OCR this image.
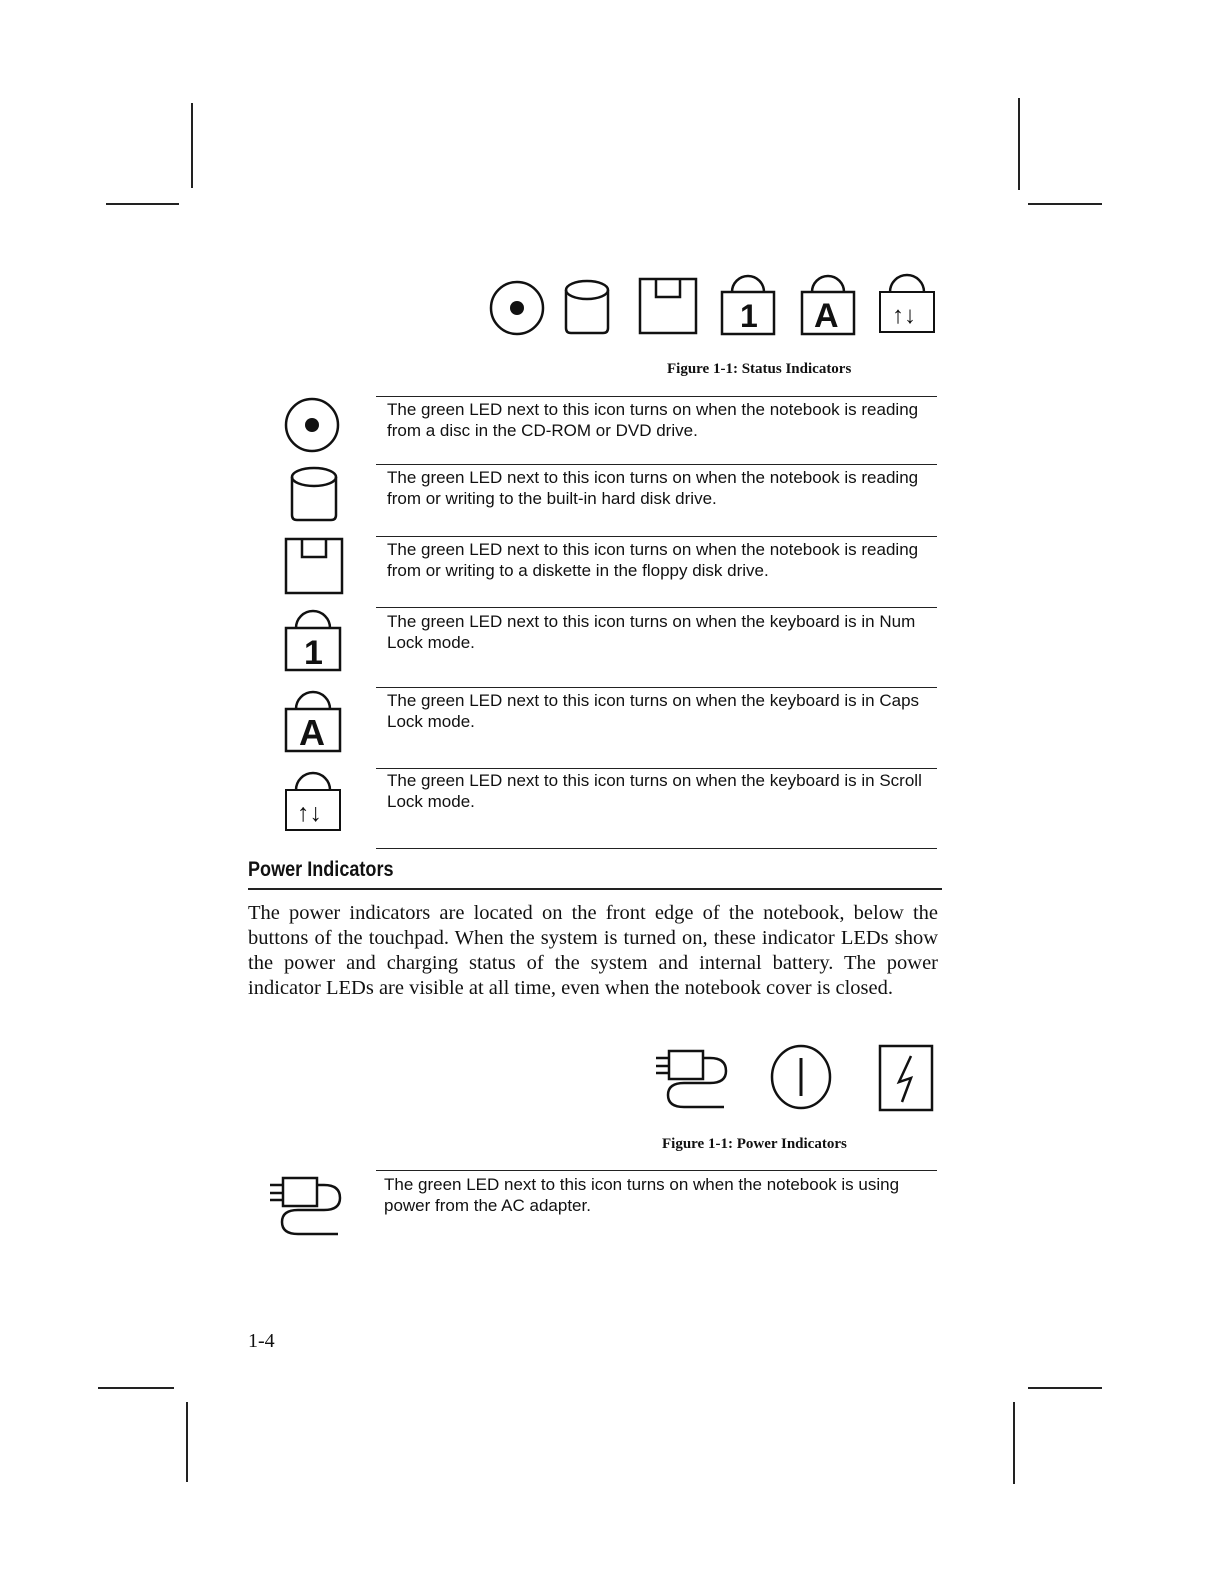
1 A ↑↓
Figure 1-1: Status Indicators
The green LED next to this icon turns on when the notebook is reading from a disc in the CD-ROM or DVD drive.
The green LED next to this icon turns on when the notebook is reading from or writing to the built-in hard disk drive.
The green LED next to this icon turns on when the notebook is reading from or writing to a diskette in the floppy disk drive.
1
The green LED next to this icon turns on when the keyboard is in Num Lock mode.
A
The green LED next to this icon turns on when the keyboard is in Caps Lock mode.
↑↓
The green LED next to this icon turns on when the keyboard is in Scroll Lock mode.
Power Indicators
The power indicators are located on the front edge of the notebook, below the buttons of the touchpad. When the system is turned on, these indicator LEDs show the power and charging status of the system and internal battery. The power indicator LEDs are visible at all time, even when the notebook cover is closed.
Figure 1-1: Power Indicators
The green LED next to this icon turns on when the notebook is using power from the AC adapter.
1-4
